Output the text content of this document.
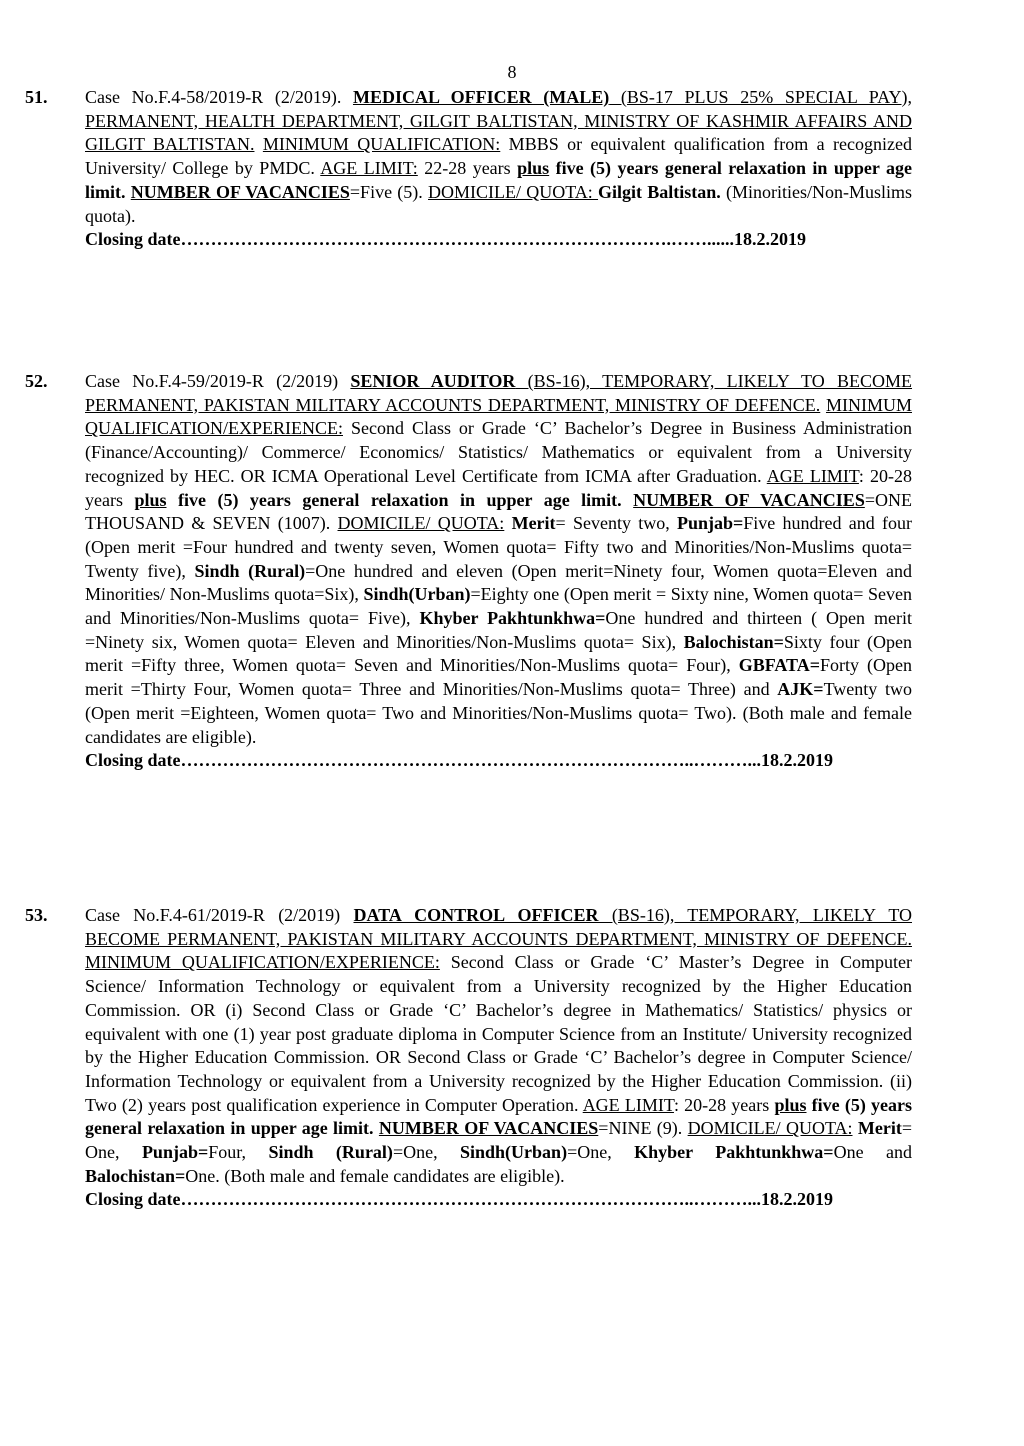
8
51. Case No.F.4-58/2019-R (2/2019). MEDICAL OFFICER (MALE) (BS-17 PLUS 25% SPECIAL PAY), PERMANENT, HEALTH DEPARTMENT, GILGIT BALTISTAN, MINISTRY OF KASHMIR AFFAIRS AND GILGIT BALTISTAN. MINIMUM QUALIFICATION: MBBS or equivalent qualification from a recognized University/ College by PMDC. AGE LIMIT: 22-28 years plus five (5) years general relaxation in upper age limit. NUMBER OF VACANCIES=Five (5). DOMICILE/ QUOTA: Gilgit Baltistan. (Minorities/Non-Muslims quota).
Closing date……………………………………………………………………….……......18.2.2019
52. Case No.F.4-59/2019-R (2/2019) SENIOR AUDITOR (BS-16), TEMPORARY, LIKELY TO BECOME PERMANENT, PAKISTAN MILITARY ACCOUNTS DEPARTMENT, MINISTRY OF DEFENCE. MINIMUM QUALIFICATION/EXPERIENCE: Second Class or Grade ‘C’ Bachelor’s Degree in Business Administration (Finance/Accounting)/ Commerce/ Economics/ Statistics/ Mathematics or equivalent from a University recognized by HEC. OR ICMA Operational Level Certificate from ICMA after Graduation. AGE LIMIT: 20-28 years plus five (5) years general relaxation in upper age limit. NUMBER OF VACANCIES=ONE THOUSAND & SEVEN (1007). DOMICILE/ QUOTA: Merit= Seventy two, Punjab=Five hundred and four (Open merit =Four hundred and twenty seven, Women quota= Fifty two and Minorities/Non-Muslims quota= Twenty five), Sindh (Rural)=One hundred and eleven (Open merit=Ninety four, Women quota=Eleven and Minorities/ Non-Muslims quota=Six), Sindh(Urban)=Eighty one (Open merit = Sixty nine, Women quota= Seven and Minorities/Non-Muslims quota= Five), Khyber Pakhtunkhwa=One hundred and thirteen ( Open merit =Ninety six, Women quota= Eleven and Minorities/Non-Muslims quota= Six), Balochistan=Sixty four (Open merit =Fifty three, Women quota= Seven and Minorities/Non-Muslims quota= Four), GBFATA=Forty (Open merit =Thirty Four, Women quota= Three and Minorities/Non-Muslims quota= Three) and AJK=Twenty two (Open merit =Eighteen, Women quota= Two and Minorities/Non-Muslims quota= Two). (Both male and female candidates are eligible).
Closing date…………………………………………………………………………..………...18.2.2019
53. Case No.F.4-61/2019-R (2/2019) DATA CONTROL OFFICER (BS-16), TEMPORARY, LIKELY TO BECOME PERMANENT, PAKISTAN MILITARY ACCOUNTS DEPARTMENT, MINISTRY OF DEFENCE. MINIMUM QUALIFICATION/EXPERIENCE: Second Class or Grade ‘C’ Master’s Degree in Computer Science/ Information Technology or equivalent from a University recognized by the Higher Education Commission. OR (i) Second Class or Grade ‘C’ Bachelor’s degree in Mathematics/ Statistics/ physics or equivalent with one (1) year post graduate diploma in Computer Science from an Institute/ University recognized by the Higher Education Commission. OR Second Class or Grade ‘C’ Bachelor’s degree in Computer Science/ Information Technology or equivalent from a University recognized by the Higher Education Commission. (ii) Two (2) years post qualification experience in Computer Operation. AGE LIMIT: 20-28 years plus five (5) years general relaxation in upper age limit. NUMBER OF VACANCIES=NINE (9). DOMICILE/ QUOTA: Merit= One, Punjab=Four, Sindh (Rural)=One, Sindh(Urban)=One, Khyber Pakhtunkhwa=One and Balochistan=One. (Both male and female candidates are eligible).
Closing date…………………………………………………………………………..………...18.2.2019
